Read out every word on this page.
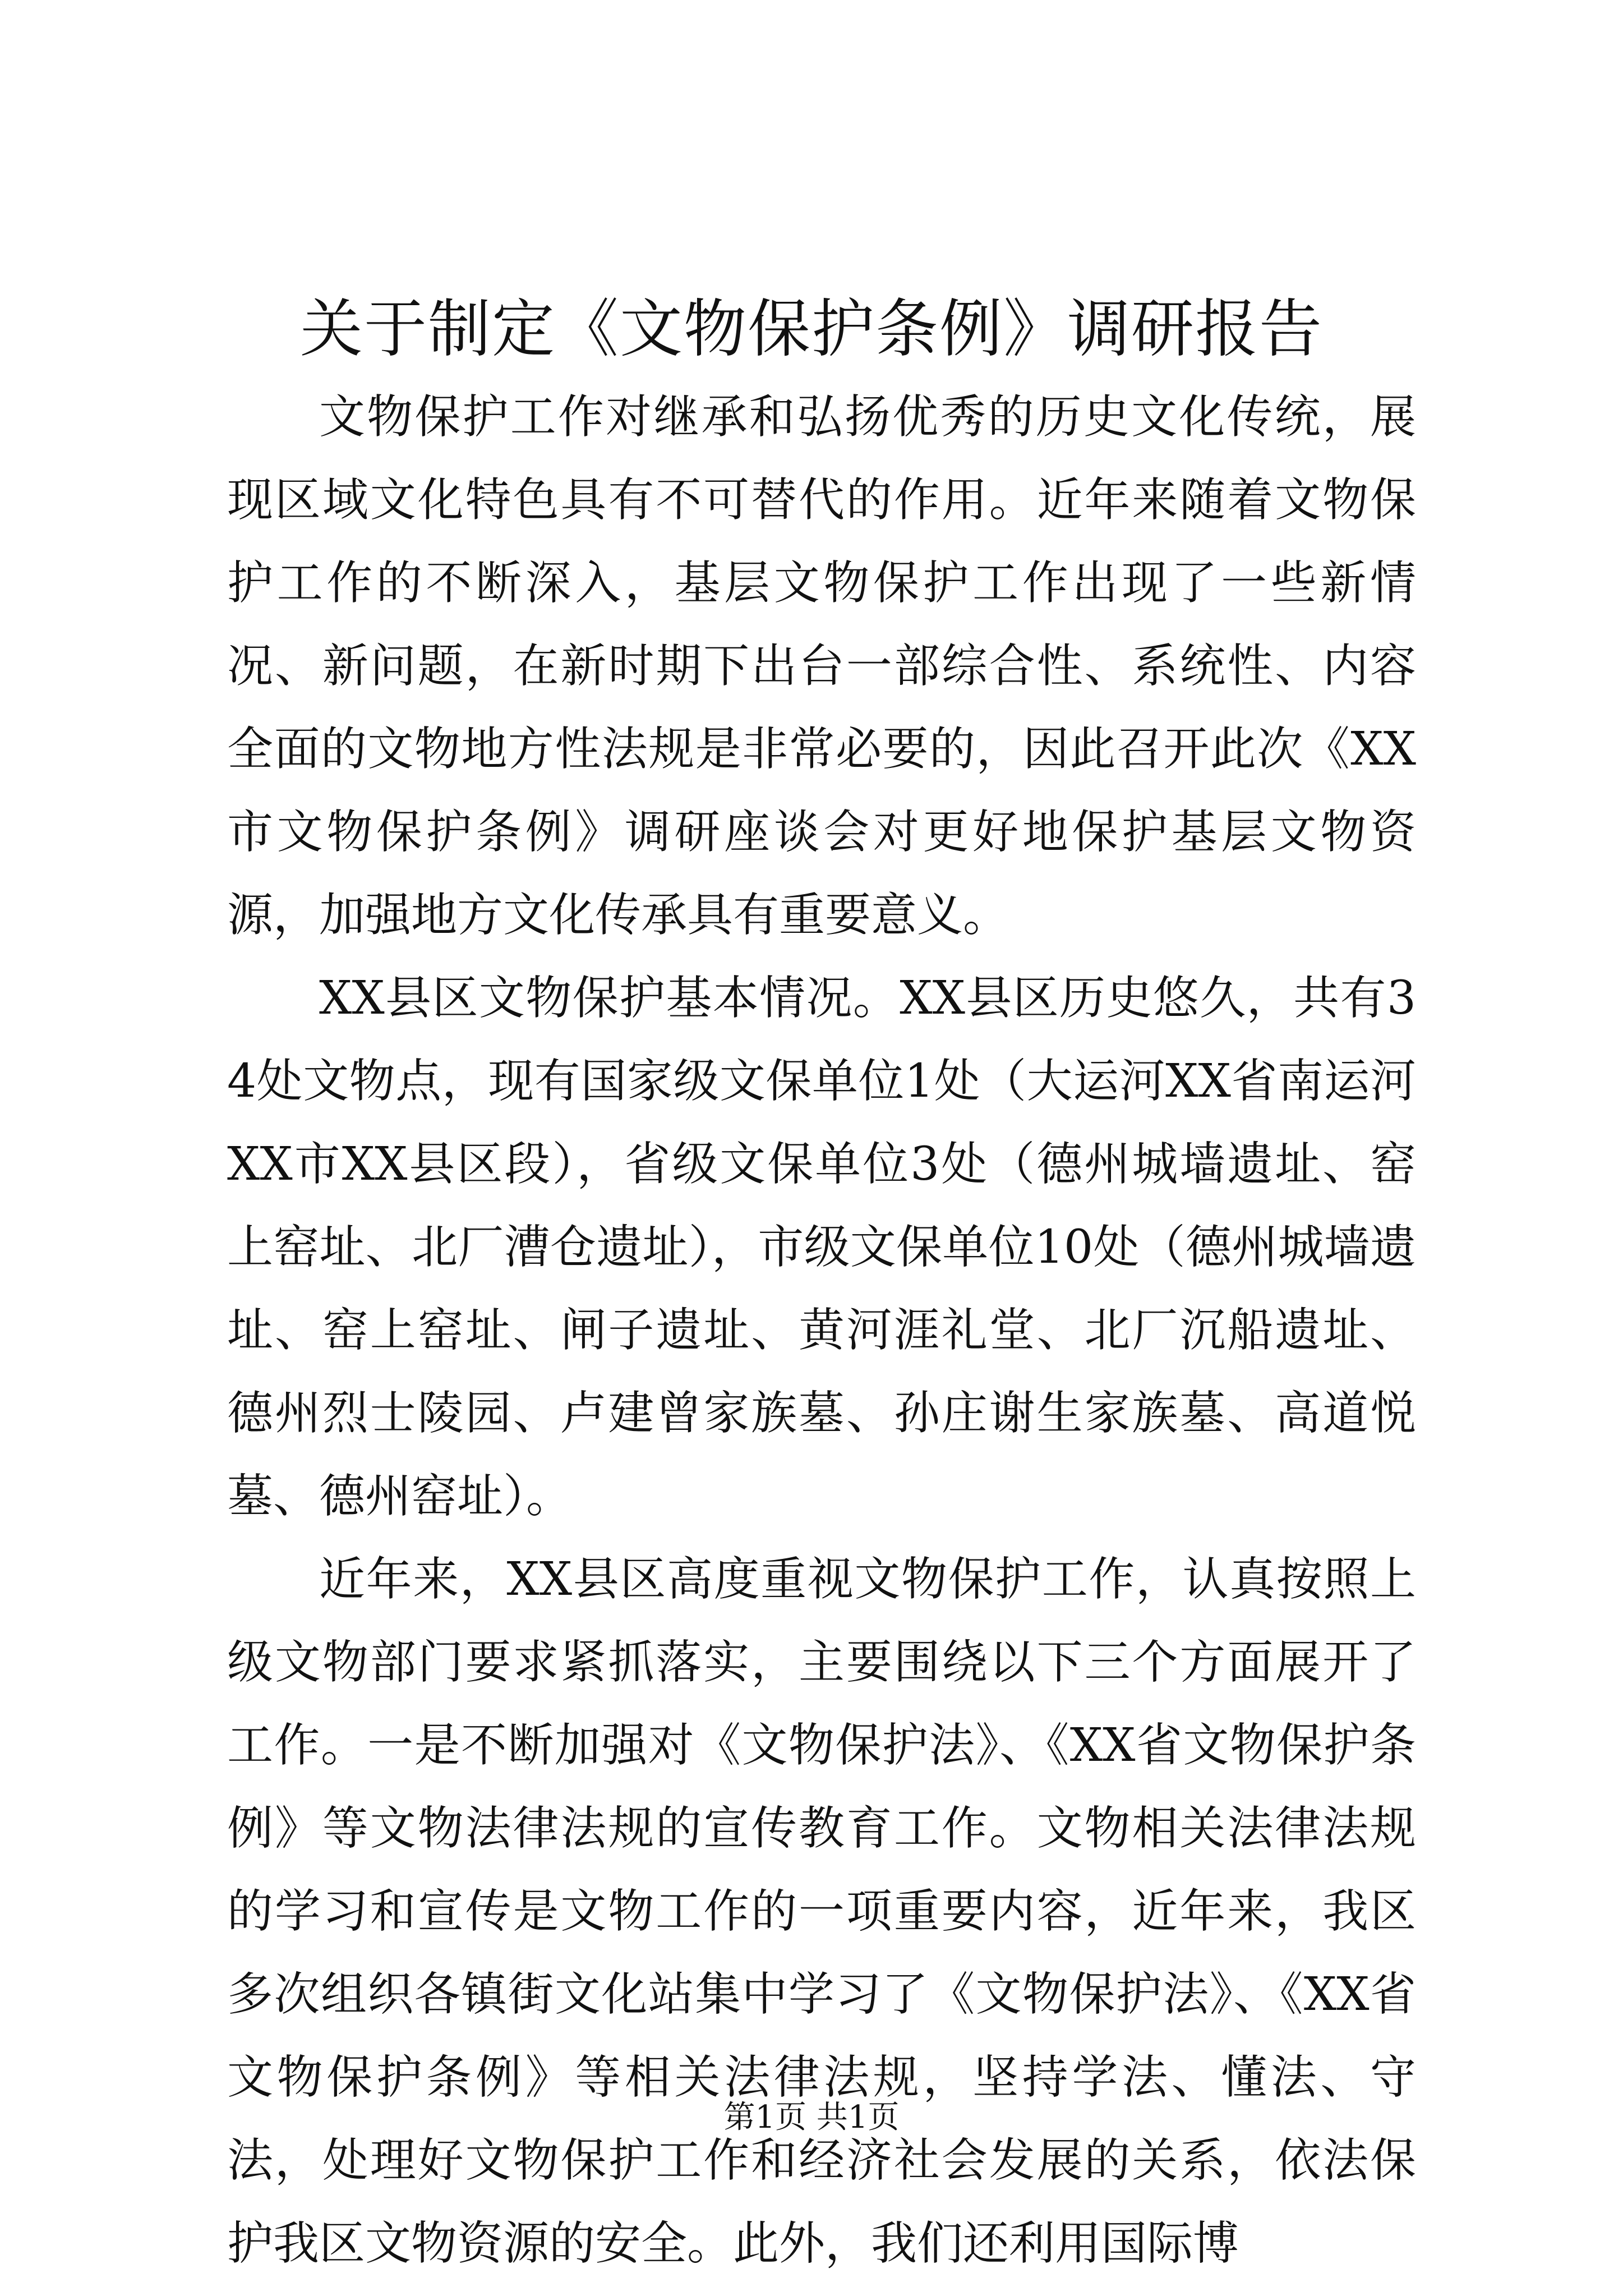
关于制定《文物保护条例》调研报告

文物保护工作对继承和弘扬优秀的历史文化传统，展现区域文化特色具有不可替代的作用。近年来随着文物保护工作的不断深入，基层文物保护工作出现了一些新情况、新问题，在新时期下出台一部综合性、系统性、内容全面的文物地方性法规是非常必要的，因此召开此次《XX市文物保护条例》调研座谈会对更好地保护基层文物资源，加强地方文化传承具有重要意义。

XX县区文物保护基本情况。XX县区历史悠久，共有34处文物点，现有国家级文保单位1处（大运河XX省南运河XX市XX县区段），省级文保单位3处（德州城墙遗址、窑上窑址、北厂漕仓遗址），市级文保单位10处（德州城墙遗址、窑上窑址、闸子遗址、黄河涯礼堂、北厂沉船遗址、德州烈士陵园、卢建曾家族墓、孙庄谢生家族墓、高道悦墓、德州窑址）。

近年来，XX县区高度重视文物保护工作，认真按照上级文物部门要求紧抓落实，主要围绕以下三个方面展开了工作。一是不断加强对《文物保护法》、《XX省文物保护条例》等文物法律法规的宣传教育工作。文物相关法律法规的学习和宣传是文物工作的一项重要内容，近年来，我区多次组织各镇街文化站集中学习了《文物保护法》、《XX省文物保护条例》等相关法律法规，坚持学法、懂法、守法，处理好文物保护工作和经济社会发展的关系，依法保护我区文物资源的安全。此外，我们还利用国际博

第1页 共1页
